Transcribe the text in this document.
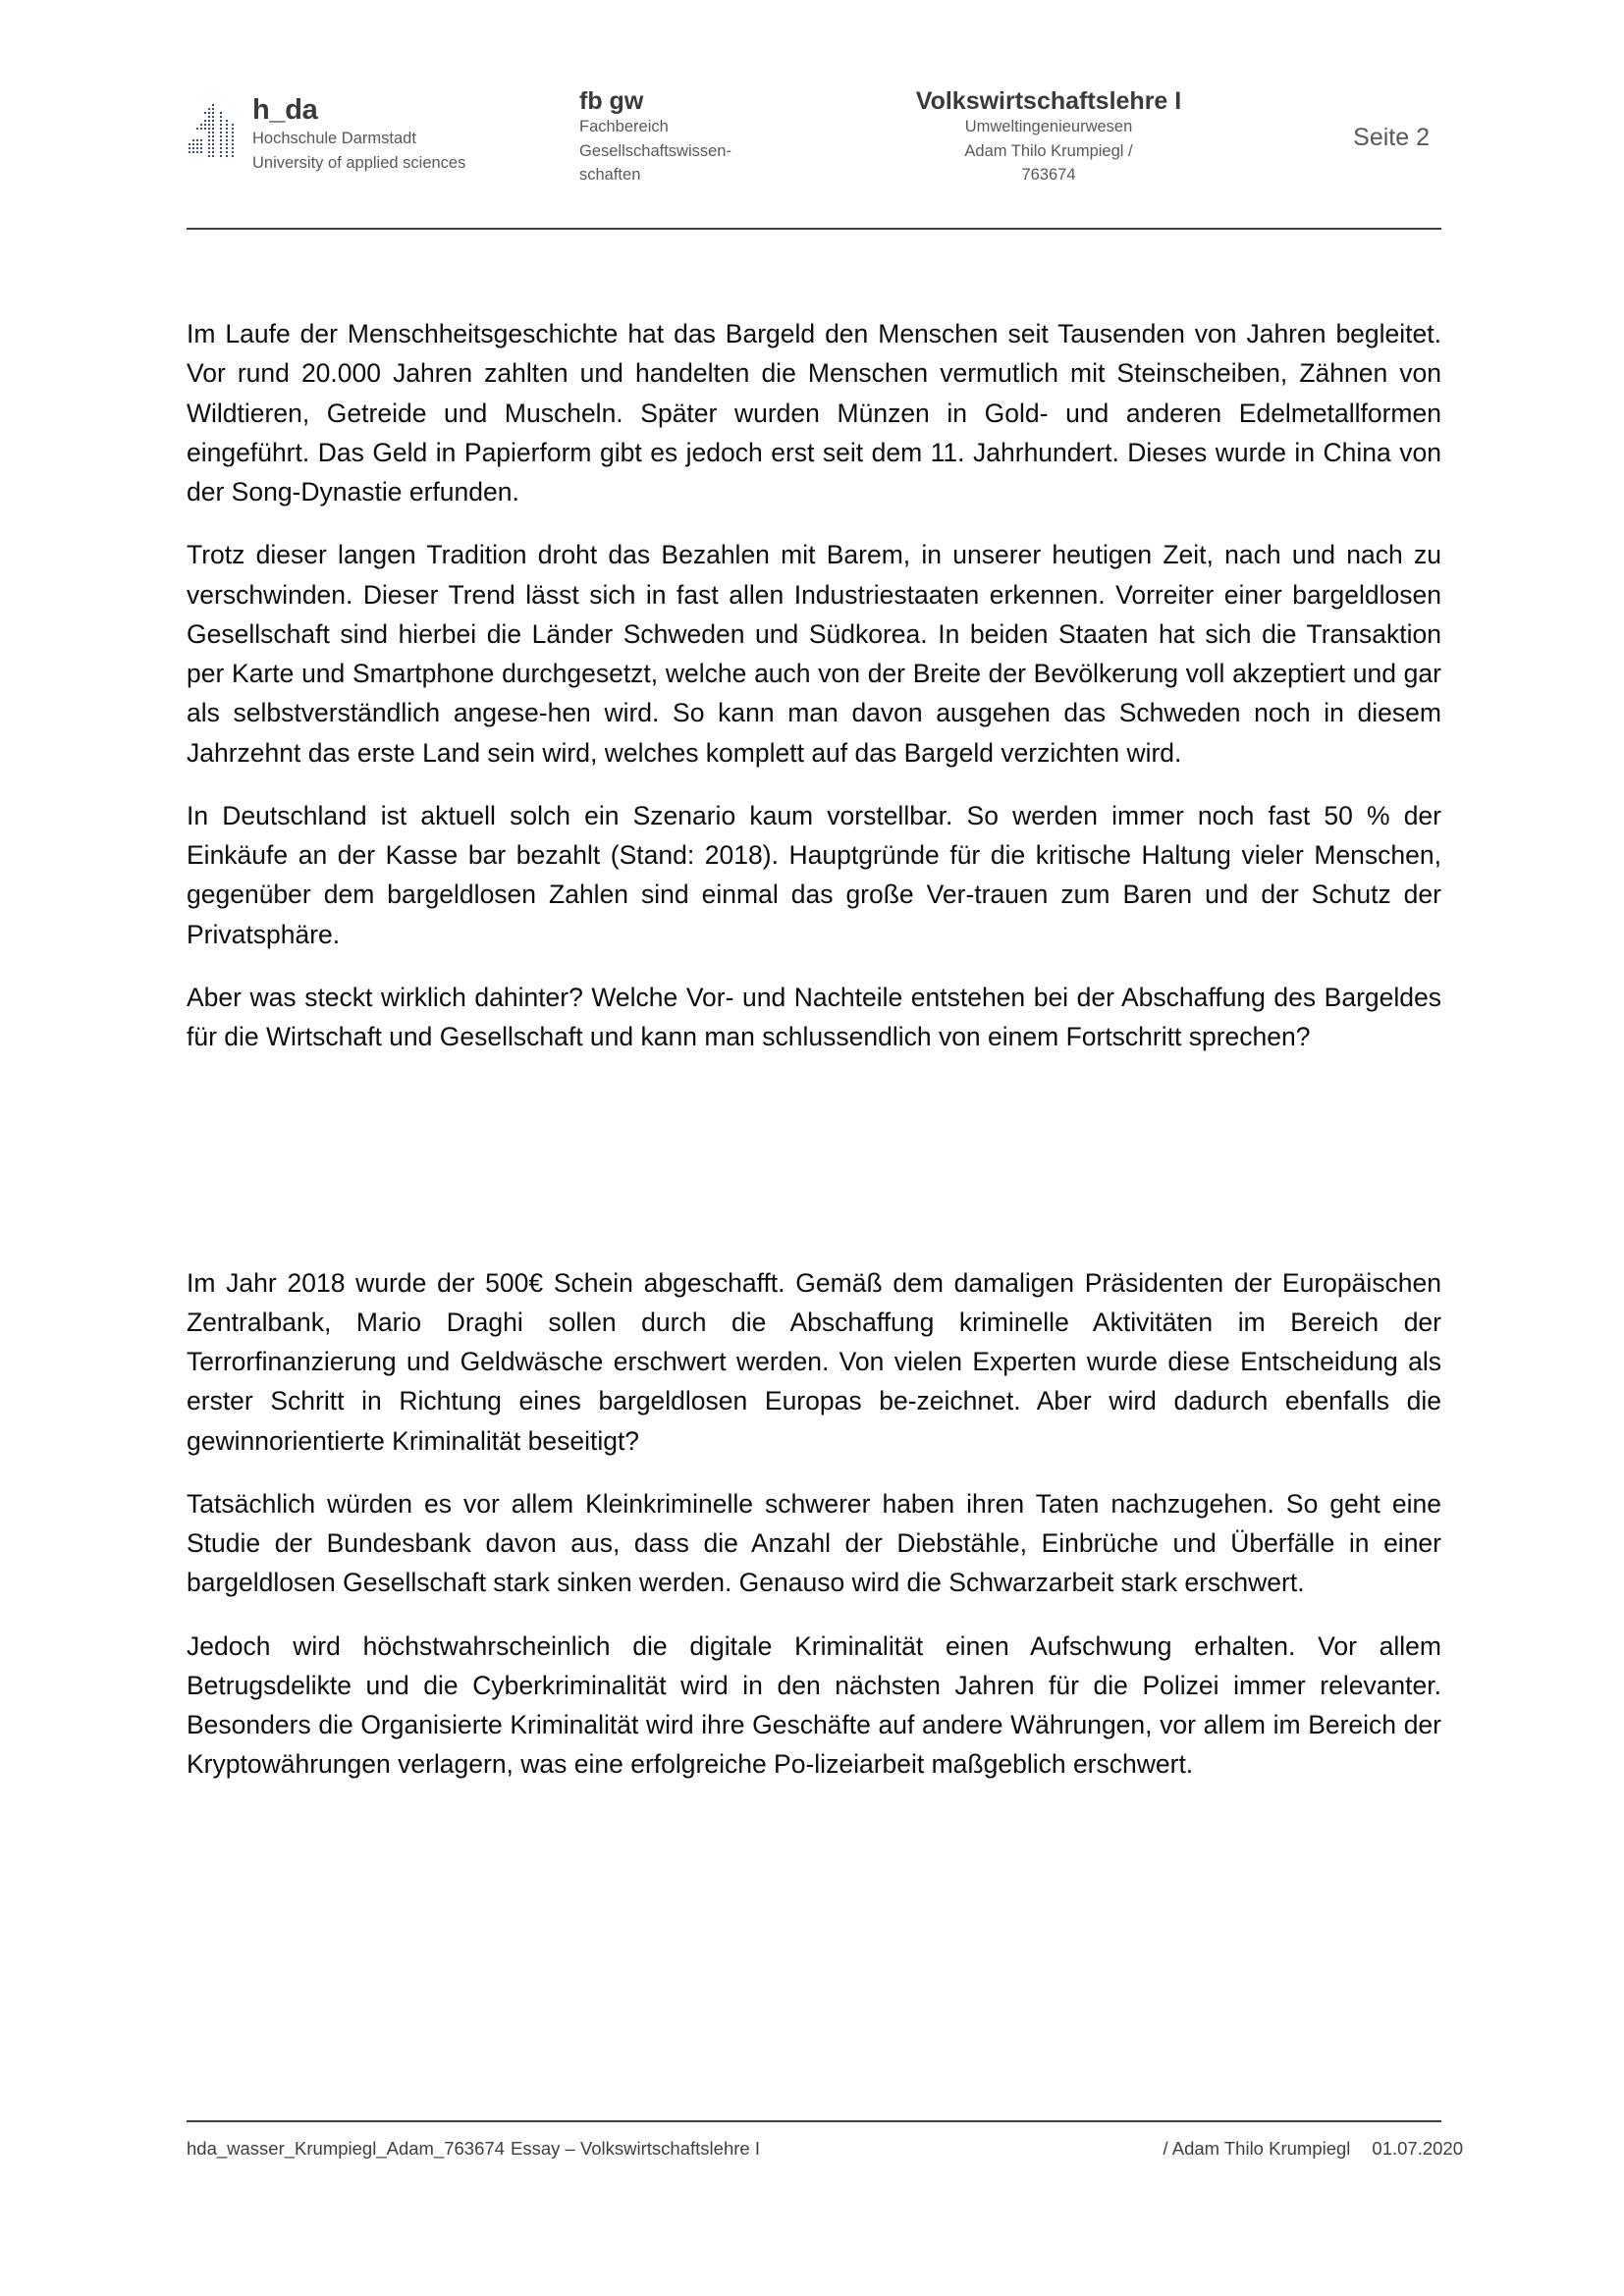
h_da
Hochschule Darmstadt
University of applied sciences
fb gw
Fachbereich
Gesellschaftswissen-
schaften
Volkswirtschaftslehre I
Umweltingenieurwesen
Adam Thilo Krumpiegl /
763674
Seite 2

Im Laufe der Menschheitsgeschichte hat das Bargeld den Menschen seit Tausenden von Jahren begleitet. Vor rund 20.000 Jahren zahlten und handelten die Menschen vermutlich mit Steinscheiben, Zähnen von Wildtieren, Getreide und Muscheln. Später wurden Münzen in Gold- und anderen Edelmetallformen eingeführt. Das Geld in Papierform gibt es jedoch erst seit dem 11. Jahrhundert. Dieses wurde in China von der Song-Dynastie erfunden.

Trotz dieser langen Tradition droht das Bezahlen mit Barem, in unserer heutigen Zeit, nach und nach zu verschwinden. Dieser Trend lässt sich in fast allen Industriestaaten erkennen. Vorreiter einer bargeldlosen Gesellschaft sind hierbei die Länder Schweden und Südkorea. In beiden Staaten hat sich die Transaktion per Karte und Smartphone durchgesetzt, welche auch von der Breite der Bevölkerung voll akzeptiert und gar als selbstverständlich angese-hen wird. So kann man davon ausgehen das Schweden noch in diesem Jahrzehnt das erste Land sein wird, welches komplett auf das Bargeld verzichten wird.

In Deutschland ist aktuell solch ein Szenario kaum vorstellbar. So werden immer noch fast 50 % der Einkäufe an der Kasse bar bezahlt (Stand: 2018). Hauptgründe für die kritische Haltung vieler Menschen, gegenüber dem bargeldlosen Zahlen sind einmal das große Ver-trauen zum Baren und der Schutz der Privatsphäre.

Aber was steckt wirklich dahinter? Welche Vor- und Nachteile entstehen bei der Abschaffung des Bargeldes für die Wirtschaft und Gesellschaft und kann man schlussendlich von einem Fortschritt sprechen?

Im Jahr 2018 wurde der 500€ Schein abgeschafft. Gemäß dem damaligen Präsidenten der Europäischen Zentralbank, Mario Draghi sollen durch die Abschaffung kriminelle Aktivitäten im Bereich der Terrorfinanzierung und Geldwäsche erschwert werden. Von vielen Experten wurde diese Entscheidung als erster Schritt in Richtung eines bargeldlosen Europas be-zeichnet. Aber wird dadurch ebenfalls die gewinnorientierte Kriminalität beseitigt?

Tatsächlich würden es vor allem Kleinkriminelle schwerer haben ihren Taten nachzugehen. So geht eine Studie der Bundesbank davon aus, dass die Anzahl der Diebstähle, Einbrüche und Überfälle in einer bargeldlosen Gesellschaft stark sinken werden. Genauso wird die Schwarzarbeit stark erschwert.

Jedoch wird höchstwahrscheinlich die digitale Kriminalität einen Aufschwung erhalten. Vor allem Betrugsdelikte und die Cyberkriminalität wird in den nächsten Jahren für die Polizei immer relevanter. Besonders die Organisierte Kriminalität wird ihre Geschäfte auf andere Währungen, vor allem im Bereich der Kryptowährungen verlagern, was eine erfolgreiche Po-lizeiarbeit maßgeblich erschwert.

hda_wasser_Krumpiegl_Adam_763674 Essay – Volkswirtschaftslehre I	/ Adam Thilo Krumpiegl 01.07.2020
